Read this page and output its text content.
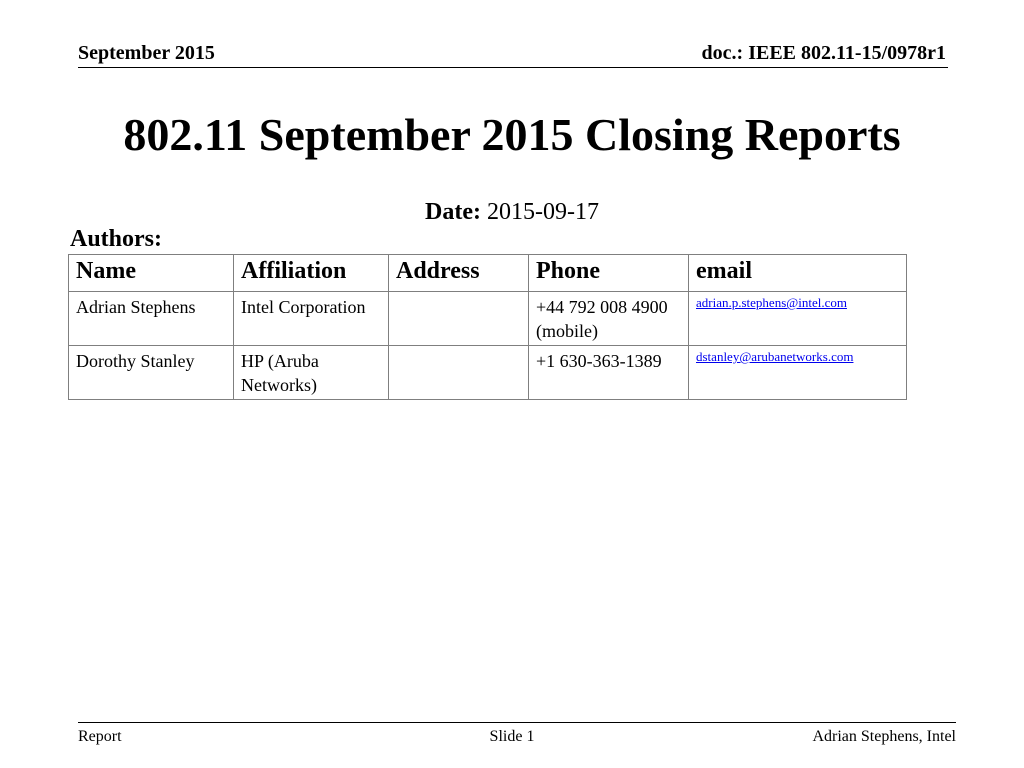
September 2015	doc.: IEEE 802.11-15/0978r1
802.11 September 2015 Closing Reports
Date: 2015-09-17
Authors:
Name	Affiliation	Address	Phone	email
Adrian Stephens	Intel Corporation		+44 792 008 4900 (mobile)	adrian.p.stephens@intel.com
Dorothy Stanley	HP (Aruba Networks)		+1 630-363-1389	dstanley@arubanetworks.com
Report	Slide 1	Adrian Stephens, Intel
